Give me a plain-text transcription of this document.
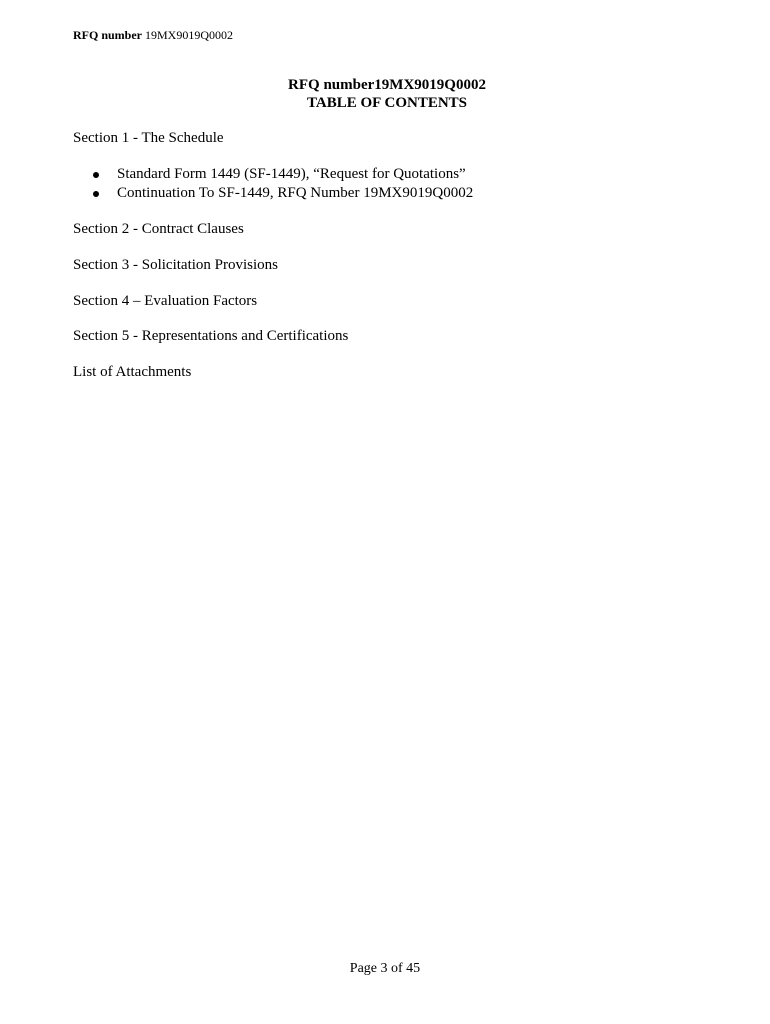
RFQ number 19MX9019Q0002
RFQ number19MX9019Q0002
TABLE OF CONTENTS
Section 1 - The Schedule
Standard Form 1449 (SF-1449), “Request for Quotations”
Continuation To SF-1449, RFQ Number 19MX9019Q0002
Section 2 - Contract Clauses
Section 3 - Solicitation Provisions
Section 4 – Evaluation Factors
Section 5 - Representations and Certifications
List of Attachments
Page 3 of 45
